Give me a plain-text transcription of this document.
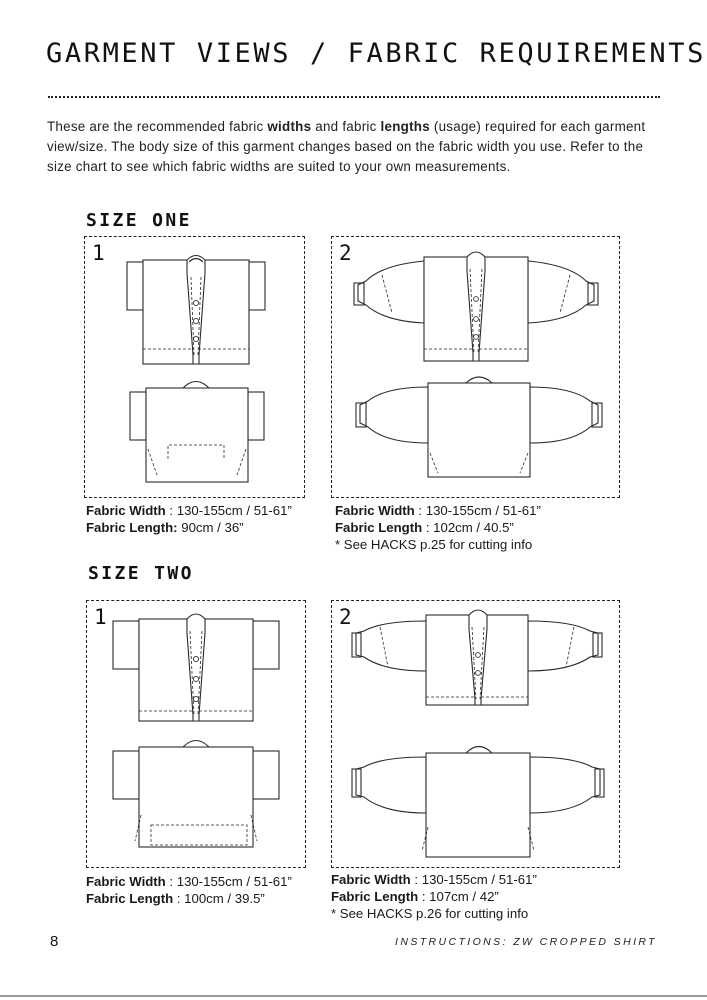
GARMENT VIEWS / FABRIC REQUIREMENTS

These are the recommended fabric widths and fabric lengths (usage) required for each garment view/size. The body size of this garment changes based on the fabric width you use. Refer to the size chart to see which fabric widths are suited to your own measurements.

SIZE ONE
1
Fabric Width : 130-155cm / 51-61”
Fabric Length: 90cm / 36”
2
Fabric Width : 130-155cm / 51-61”
Fabric Length : 102cm / 40.5”
* See HACKS p.25 for cutting info
SIZE TWO
1
Fabric Width : 130-155cm / 51-61”
Fabric Length : 100cm / 39.5”
2
Fabric Width : 130-155cm / 51-61”
Fabric Length : 107cm / 42”
* See HACKS p.26 for cutting info
8	INSTRUCTIONS: ZW CROPPED SHIRT
